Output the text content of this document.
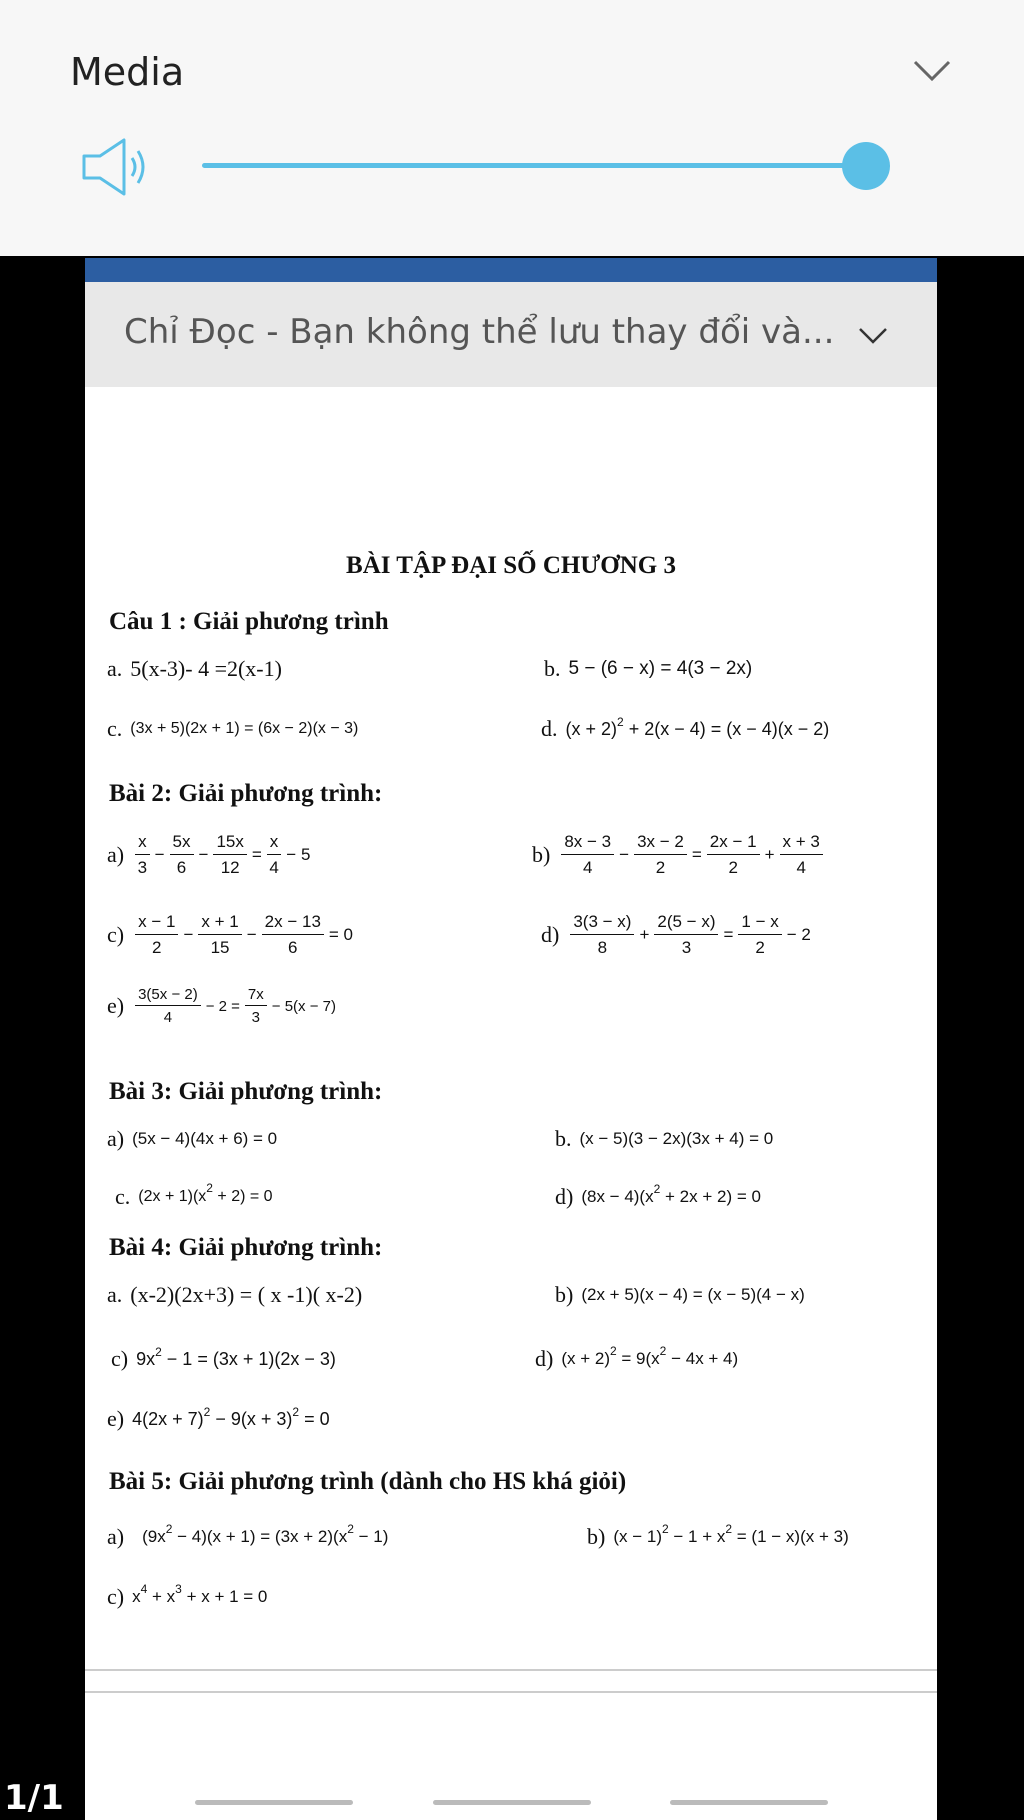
Media
Chỉ Đọc - Bạn không thể lưu thay đổi và...
BÀI TẬP ĐẠI SỐ CHƯƠNG 3
Câu 1 : Giải phương trình
a. 5(x-3)- 4 =2(x-1)	b. 5 − (6 − x) = 4(3 − 2x)
c. (3x + 5)(2x + 1) = (6x − 2)(x − 3)	d. $(x + 2)^2 + 2(x - 4) = (x - 4)(x - 2)$
Bài 2: Giải phương trình:
$a) \frac{x}{3} - \frac{5x}{6} - \frac{15x}{12} = \frac{x}{4} - 5$	$b) \frac{8x - 3}{4} - \frac{3x - 2}{2} = \frac{2x - 1}{2} + \frac{x + 3}{4}$
$c) \frac{x - 1}{2} - \frac{x + 1}{15} - \frac{2x - 13}{6} = 0$	$d) \frac{3(3 - x)}{8} + \frac{2(5 - x)}{3} = \frac{1 - x}{2} - 2$
$e) \frac{3(5x - 2)}{4} - 2 = \frac{7x}{3} - 5(x - 7)$
Bài 3: Giải phương trình:
a) (5x − 4)(4x + 6) = 0	b. (x − 5)(3 − 2x)(3x + 4) = 0
c. $(2x + 1)(x^2 + 2) = 0$	d) $(8x - 4)(x^2 + 2x + 2) = 0$
Bài 4: Giải phương trình:
a. (x-2)(2x+3) = ( x -1)( x-2)	b) (2x + 5)(x − 4) = (x − 5)(4 − x)
c) $9x^2 - 1 = (3x + 1)(2x - 3)$	d) $(x + 2)^2 = 9(x^2 - 4x + 4)$
e) $4(2x + 7)^2 - 9(x + 3)^2 = 0$
Bài 5: Giải phương trình (dành cho HS khá giỏi)
a) $(9x^2 - 4)(x + 1) = (3x + 2)(x^2 - 1)$	b) $(x - 1)^2 - 1 + x^2 = (1 - x)(x + 3)$
c) $x^4 + x^3 + x + 1 = 0$
1/1
